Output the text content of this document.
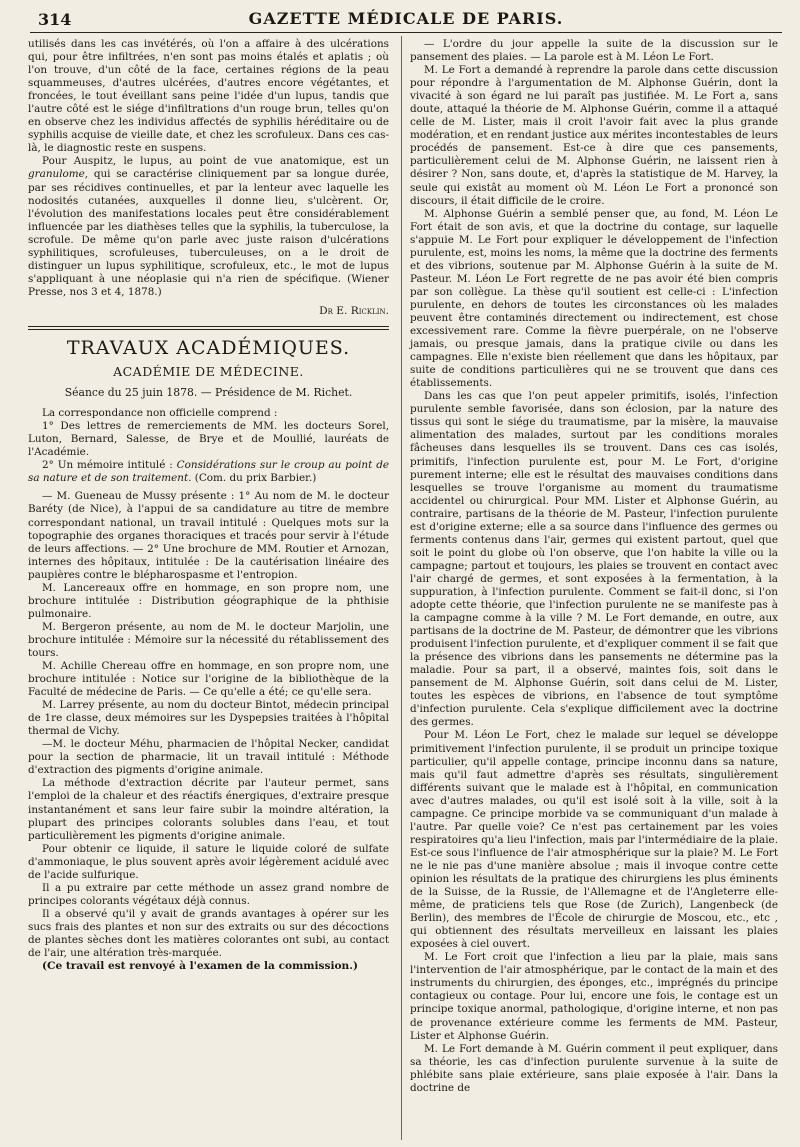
314	GAZETTE MÉDICALE DE PARIS.

utilisés dans les cas invétérés, où l'on a affaire à des ulcérations qui, pour être infiltrées, n'en sont pas moins étalés et aplatis ; où l'on trouve, d'un côté de la face, certaines régions de la peau squammeuses, d'autres ulcérées, d'autres encore végétantes, et froncées, le tout éveillant sans peine l'idée d'un lupus, tandis que l'autre côté est le siége d'infiltrations d'un rouge brun, telles qu'on en observe chez les individus affectés de syphilis héréditaire ou de syphilis acquise de vieille date, et chez les scrofuleux. Dans ces cas-là, le diagnostic reste en suspens.

Pour Auspitz, le lupus, au point de vue anatomique, est un granulome, qui se caractérise cliniquement par sa longue durée, par ses récidives continuelles, et par la lenteur avec laquelle les nodosités cutanées, auxquelles il donne lieu, s'ulcèrent. Or, l'évolution des manifestations locales peut être considérablement influencée par les diathèses telles que la syphilis, la tuberculose, la scrofule. De même qu'on parle avec juste raison d'ulcérations syphilitiques, scrofuleuses, tuberculeuses, on a le droit de distinguer un lupus syphilitique, scrofuleux, etc., le mot de lupus s'appliquant à une néoplasie qui n'a rien de spécifique. (Wiener Presse, nos 3 et 4, 1878.)

Dr E. Ricklin.
TRAVAUX ACADÉMIQUES.
ACADÉMIE DE MÉDECINE.
Séance du 25 juin 1878. — Présidence de M. Richet.

La correspondance non officielle comprend :

1° Des lettres de remerciements de MM. les docteurs Sorel, Luton, Bernard, Salesse, de Brye et de Moullié, lauréats de l'Académie.

2° Un mémoire intitulé : Considérations sur le croup au point de sa nature et de son traitement. (Com. du prix Barbier.)

— M. Gueneau de Mussy présente : 1° Au nom de M. le docteur Baréty (de Nice), à l'appui de sa candidature au titre de membre correspondant national, un travail intitulé : Quelques mots sur la topographie des organes thoraciques et tracés pour servir à l'étude de leurs affections. — 2° Une brochure de MM. Routier et Arnozan, internes des hôpitaux, intitulée : De la cautérisation linéaire des paupières contre le blépharospasme et l'entropion.

M. Lancereaux offre en hommage, en son propre nom, une brochure intitulée : Distribution géographique de la phthisie pulmonaire.

M. Bergeron présente, au nom de M. le docteur Marjolin, une brochure intitulée : Mémoire sur la nécessité du rétablissement des tours.

M. Achille Chereau offre en hommage, en son propre nom, une brochure intitulée : Notice sur l'origine de la bibliothèque de la Faculté de médecine de Paris. — Ce qu'elle a été; ce qu'elle sera.

M. Larrey présente, au nom du docteur Bintot, médecin principal de 1re classe, deux mémoires sur les Dyspepsies traitées à l'hôpital thermal de Vichy.

—M. le docteur Méhu, pharmacien de l'hôpital Necker, candidat pour la section de pharmacie, lit un travail intitulé : Méthode d'extraction des pigments d'origine animale.

La méthode d'extraction décrite par l'auteur permet, sans l'emploi de la chaleur et des réactifs énergiques, d'extraire presque instantanément et sans leur faire subir la moindre altération, la plupart des principes colorants solubles dans l'eau, et tout particulièrement les pigments d'origine animale.

Pour obtenir ce liquide, il sature le liquide coloré de sulfate d'ammoniaque, le plus souvent après avoir légèrement acidulé avec de l'acide sulfurique.

Il a pu extraire par cette méthode un assez grand nombre de principes colorants végétaux déjà connus.

Il a observé qu'il y avait de grands avantages à opérer sur les sucs frais des plantes et non sur des extraits ou sur des décoctions de plantes sèches dont les matières colorantes ont subi, au contact de l'air, une altération très-marquée.

(Ce travail est renvoyé à l'examen de la commission.)

— L'ordre du jour appelle la suite de la discussion sur le pansement des plaies. — La parole est à M. Léon Le Fort.

M. Le Fort a demandé à reprendre la parole dans cette discussion pour répondre à l'argumentation de M. Alphonse Guérin, dont la vivacité à son égard ne lui paraît pas justifiée. M. Le Fort a, sans doute, attaqué la théorie de M. Alphonse Guérin, comme il a attaqué celle de M. Lister, mais il croit l'avoir fait avec la plus grande modération, et en rendant justice aux mérites incontestables de leurs procédés de pansement. Est-ce à dire que ces pansements, particulièrement celui de M. Alphonse Guérin, ne laissent rien à désirer ? Non, sans doute, et, d'après la statistique de M. Harvey, la seule qui existât au moment où M. Léon Le Fort a prononcé son discours, il était difficile de le croire.

M. Alphonse Guérin a semblé penser que, au fond, M. Léon Le Fort était de son avis, et que la doctrine du contage, sur laquelle s'appuie M. Le Fort pour expliquer le développement de l'infection purulente, est, moins les noms, la même que la doctrine des ferments et des vibrions, soutenue par M. Alphonse Guérin à la suite de M. Pasteur. M. Léon Le Fort regrette de ne pas avoir été bien compris par son collègue. La thèse qu'il soutient est celle-ci : L'infection purulente, en dehors de toutes les circonstances où les malades peuvent être contaminés directement ou indirectement, est chose excessivement rare. Comme la fièvre puerpérale, on ne l'observe jamais, ou presque jamais, dans la pratique civile ou dans les campagnes. Elle n'existe bien réellement que dans les hôpitaux, par suite de conditions particulières qui ne se trouvent que dans ces établissements.

Dans les cas que l'on peut appeler primitifs, isolés, l'infection purulente semble favorisée, dans son éclosion, par la nature des tissus qui sont le siége du traumatisme, par la misère, la mauvaise alimentation des malades, surtout par les conditions morales fâcheuses dans lesquelles ils se trouvent. Dans ces cas isolés, primitifs, l'infection purulente est, pour M. Le Fort, d'origine purement interne; elle est le résultat des mauvaises conditions dans lesquelles se trouve l'organisme au moment du traumatisme accidentel ou chirurgical. Pour MM. Lister et Alphonse Guérin, au contraire, partisans de la théorie de M. Pasteur, l'infection purulente est d'origine externe; elle a sa source dans l'influence des germes ou ferments contenus dans l'air, germes qui existent partout, quel que soit le point du globe où l'on observe, que l'on habite la ville ou la campagne; partout et toujours, les plaies se trouvent en contact avec l'air chargé de germes, et sont exposées à la fermentation, à la suppuration, à l'infection purulente. Comment se fait-il donc, si l'on adopte cette théorie, que l'infection purulente ne se manifeste pas à la campagne comme à la ville ? M. Le Fort demande, en outre, aux partisans de la doctrine de M. Pasteur, de démontrer que les vibrions produisent l'infection purulente, et d'expliquer comment il se fait que la présence des vibrions dans les pansements ne détermine pas la maladie. Pour sa part, il a observé, maintes fois, soit dans le pansement de M. Alphonse Guérin, soit dans celui de M. Lister, toutes les espèces de vibrions, en l'absence de tout symptôme d'infection purulente. Cela s'explique difficilement avec la doctrine des germes.

Pour M. Léon Le Fort, chez le malade sur lequel se développe primitivement l'infection purulente, il se produit un principe toxique particulier, qu'il appelle contage, principe inconnu dans sa nature, mais qu'il faut admettre d'après ses résultats, singulièrement différents suivant que le malade est à l'hôpital, en communication avec d'autres malades, ou qu'il est isolé soit à la ville, soit à la campagne. Ce principe morbide va se communiquant d'un malade à l'autre. Par quelle voie? Ce n'est pas certainement par les voies respiratoires qu'a lieu l'infection, mais par l'intermédiaire de la plaie. Est-ce sous l'influence de l'air atmosphérique sur la plaie? M. Le Fort ne le nie pas d'une manière absolue ; mais il invoque contre cette opinion les résultats de la pratique des chirurgiens les plus éminents de la Suisse, de la Russie, de l'Allemagne et de l'Angleterre elle-même, de praticiens tels que Rose (de Zurich), Langenbeck (de Berlin), des membres de l'École de chirurgie de Moscou, etc., etc , qui obtiennent des résultats merveilleux en laissant les plaies exposées à ciel ouvert.

M. Le Fort croit que l'infection a lieu par la plaie, mais sans l'intervention de l'air atmosphérique, par le contact de la main et des instruments du chirurgien, des éponges, etc., imprégnés du principe contagieux ou contage. Pour lui, encore une fois, le contage est un principe toxique anormal, pathologique, d'origine interne, et non pas de provenance extérieure comme les ferments de MM. Pasteur, Lister et Alphonse Guérin.

M. Le Fort demande à M. Guérin comment il peut expliquer, dans sa théorie, les cas d'infection purulente survenue à la suite de phlébite sans plaie extérieure, sans plaie exposée à l'air. Dans la doctrine de
